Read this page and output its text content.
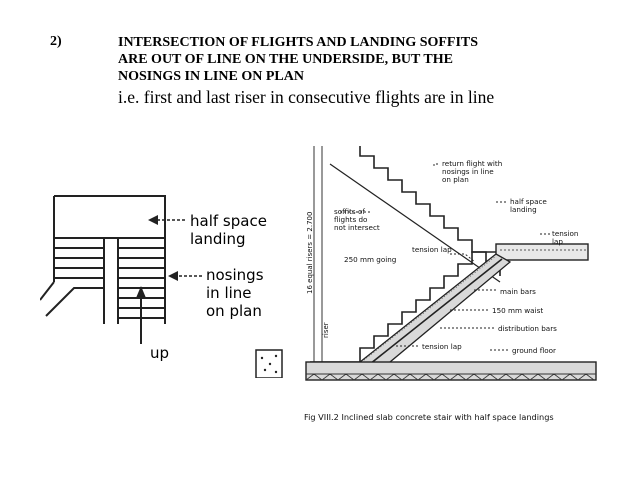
2)	INTERSECTION OF FLIGHTS AND LANDING SOFFITS
ARE OUT OF LINE ON THE UNDERSIDE, BUT THE
NOSINGS IN LINE ON PLAN
i.e. first and last riser in consecutive flights are in line
half space
landing
nosings
in line
on plan
up
return flight with
nosings in line
on plan
half space
landing
soffits of
flights do
not intersect
tension
lap
tension lap
250 mm going
main bars
150 mm waist
distribution bars
tension lap	ground floor
16 equal risers = 2.700
riser
Fig VIII.2 Inclined slab concrete stair with half space landings
